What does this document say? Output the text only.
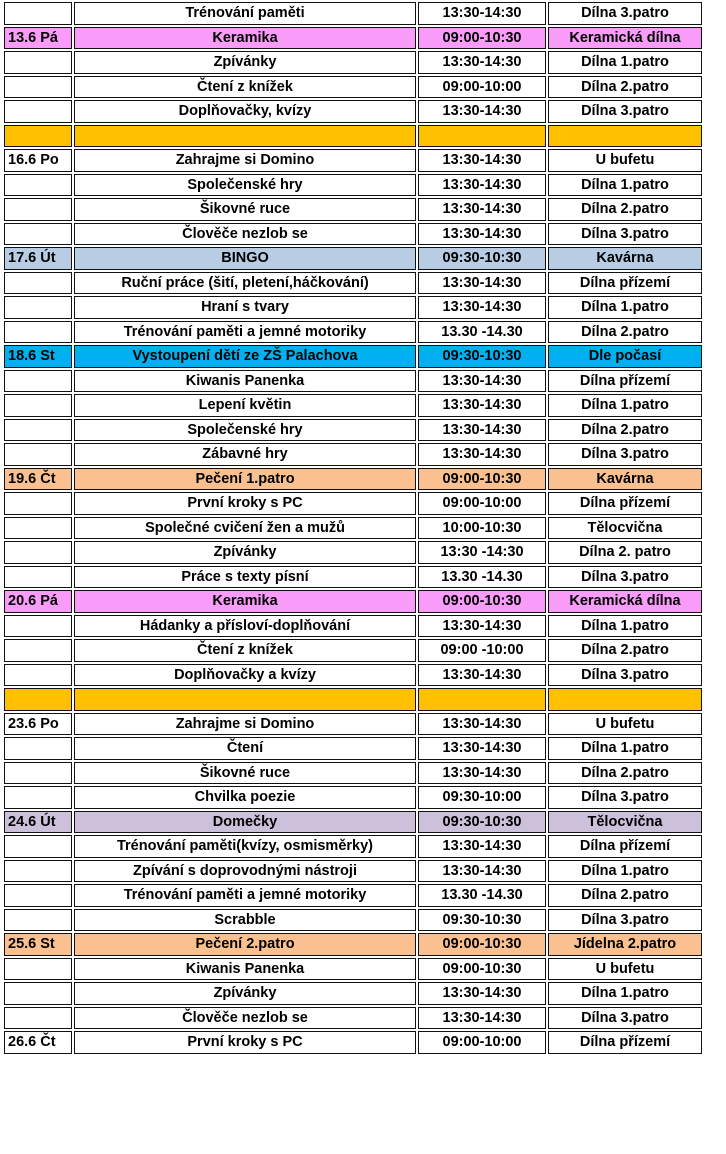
	Trénování paměti	13:30-14:30	Dílna 3.patro
13.6 Pá	Keramika	09:00-10:30	Keramická dílna
	Zpívánky	13:30-14:30	Dílna 1.patro
	Čtení z knížek	09:00-10:00	Dílna 2.patro
	Doplňovačky, kvízy	13:30-14:30	Dílna 3.patro

16.6 Po	Zahrajme si Domino	13:30-14:30	U bufetu
	Společenské hry	13:30-14:30	Dílna 1.patro
	Šikovné ruce	13:30-14:30	Dílna 2.patro
	Člověče nezlob se	13:30-14:30	Dílna 3.patro
17.6 Út	BINGO	09:30-10:30	Kavárna
	Ruční práce (šití, pletení,háčkování)	13:30-14:30	Dílna přízemí
	Hraní s tvary	13:30-14:30	Dílna 1.patro
	Trénování paměti a jemné motoriky	13.30 -14.30	Dílna 2.patro
18.6 St	Vystoupení dětí ze ZŠ Palachova	09:30-10:30	Dle počasí
	Kiwanis Panenka	13:30-14:30	Dílna přízemí
	Lepení květin	13:30-14:30	Dílna 1.patro
	Společenské hry	13:30-14:30	Dílna 2.patro
	Zábavné hry	13:30-14:30	Dílna 3.patro
19.6 Čt	Pečení 1.patro	09:00-10:30	Kavárna
	První kroky s PC	09:00-10:00	Dílna přízemí
	Společné cvičení žen a mužů	10:00-10:30	Tělocvična
	Zpívánky	13:30 -14:30	Dílna 2. patro
	Práce s texty písní	13.30 -14.30	Dílna 3.patro
20.6 Pá	Keramika	09:00-10:30	Keramická dílna
	Hádanky a přísloví-doplňování	13:30-14:30	Dílna 1.patro
	Čtení z knížek	09:00 -10:00	Dílna 2.patro
	Doplňovačky a kvízy	13:30-14:30	Dílna 3.patro

23.6 Po	Zahrajme si Domino	13:30-14:30	U bufetu
	Čtení	13:30-14:30	Dílna 1.patro
	Šikovné ruce	13:30-14:30	Dílna 2.patro
	Chvilka poezie	09:30-10:00	Dílna 3.patro
24.6 Út	Domečky	09:30-10:30	Tělocvična
	Trénování paměti(kvízy, osmisměrky)	13:30-14:30	Dílna přízemí
	Zpívání s doprovodnými nástroji	13:30-14:30	Dílna 1.patro
	Trénování paměti a jemné motoriky	13.30 -14.30	Dílna 2.patro
	Scrabble	09:30-10:30	Dílna 3.patro
25.6 St	Pečení 2.patro	09:00-10:30	Jídelna 2.patro
	Kiwanis Panenka	09:00-10:30	U bufetu
	Zpívánky	13:30-14:30	Dílna 1.patro
	Člověče nezlob se	13:30-14:30	Dílna 3.patro
26.6 Čt	První kroky s PC	09:00-10:00	Dílna přízemí
